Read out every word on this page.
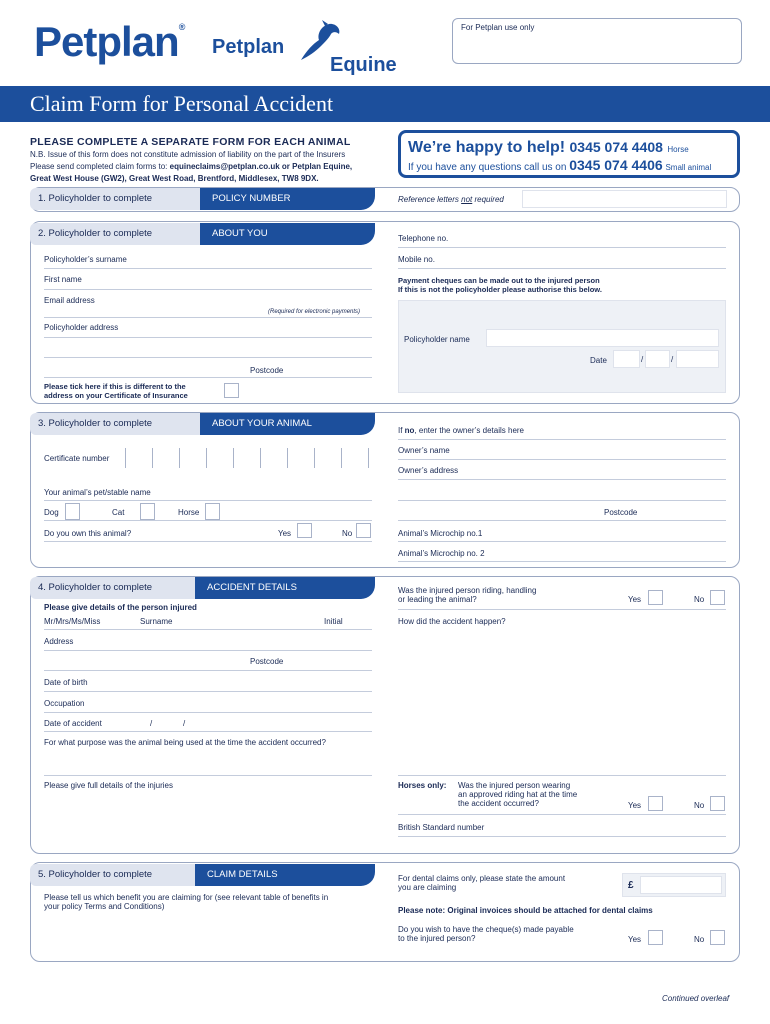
Petplan®
Petplan
Equine
For Petplan use only
Claim Form for Personal Accident
PLEASE COMPLETE A SEPARATE FORM FOR EACH ANIMAL
N.B. Issue of this form does not constitute admission of liability on the part of the Insurers
Please send completed claim forms to: equineclaims@petplan.co.uk or Petplan Equine,
Great West House (GW2), Great West Road, Brentford, Middlesex, TW8 9DX.
We’re happy to help! 0345 074 4408 Horse
If you have any questions call us on 0345 074 4406 Small animal
1. Policyholder to complete	POLICY NUMBER	Reference letters not required
2. Policyholder to complete	ABOUT YOU
Policyholder’s surname
First name
Email address
(Required for electronic payments)
Policyholder address
Postcode
Please tick here if this is different to the
address on your Certificate of Insurance
Telephone no.
Mobile no.
Payment cheques can be made out to the injured person
If this is not the policyholder please authorise this below.
Policyholder name
Date	/	/
3. Policyholder to complete	ABOUT YOUR ANIMAL
Certificate number
Your animal’s pet/stable name
Dog	Cat	Horse
Do you own this animal?	Yes	No
If no, enter the owner’s details here
Owner’s name
Owner’s address
Postcode
Animal’s Microchip no.1
Animal’s Microchip no. 2
4. Policyholder to complete	ACCIDENT DETAILS
Please give details of the person injured
Mr/Mrs/Ms/Miss	Surname	Initial
Address
Postcode
Date of birth
Occupation
Date of accident	/	/
For what purpose was the animal being used at the time the accident occurred?
Please give full details of the injuries
Was the injured person riding, handling
or leading the animal?	Yes	No
How did the accident happen?
Horses only: Was the injured person wearing
an approved riding hat at the time
the accident occurred?	Yes	No
British Standard number
5. Policyholder to complete	CLAIM DETAILS
Please tell us which benefit you are claiming for (see relevant table of benefits in
your policy Terms and Conditions)
For dental claims only, please state the amount
you are claiming	£
Please note: Original invoices should be attached for dental claims
Do you wish to have the cheque(s) made payable
to the injured person?	Yes	No
Continued overleaf
